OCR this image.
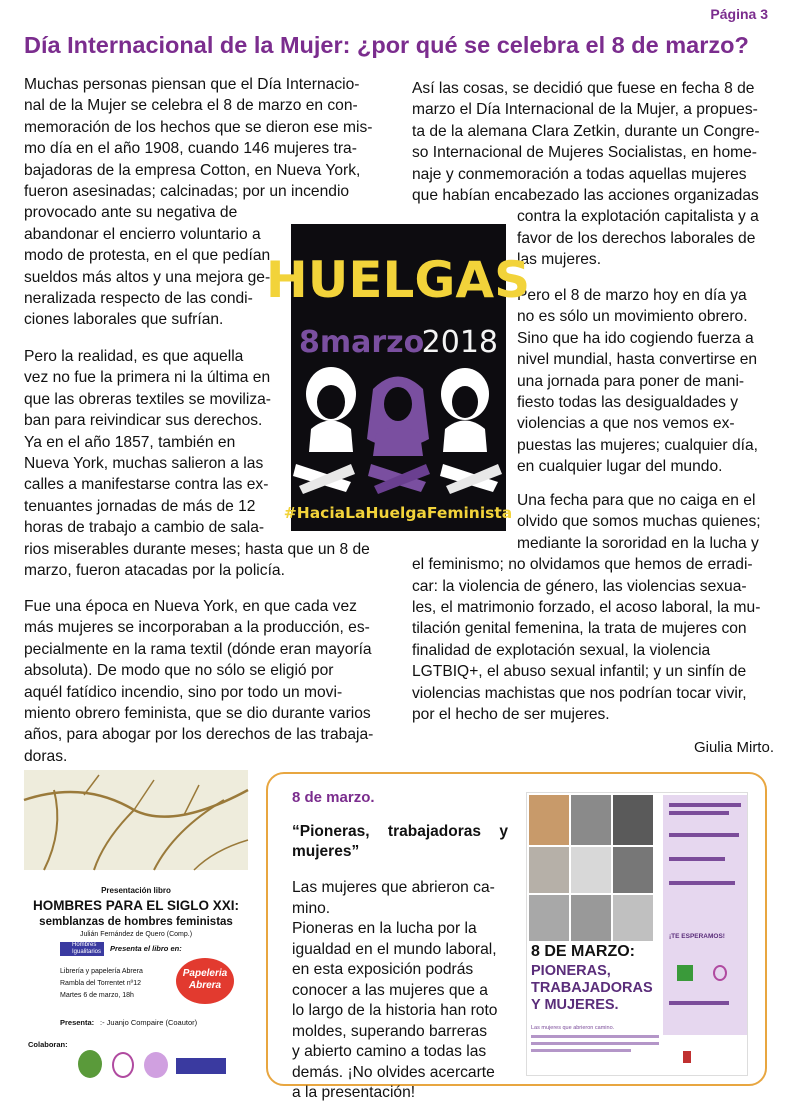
Página 3
Día Internacional de la Mujer: ¿por qué se celebra el 8 de marzo?
Muchas personas piensan que el Día Internacio-
nal de la Mujer se celebra el 8 de marzo en con-
memoración de los hechos que se dieron ese mis-
mo día en el año 1908, cuando 146 mujeres tra-
bajadoras de la empresa Cotton, en Nueva York,
fueron asesinadas; calcinadas; por un incendio
provocado ante su negativa de
abandonar el encierro voluntario a
modo de protesta, en el que pedían
sueldos más altos y una mejora ge-
neralizada respecto de las condi-
ciones laborales que sufrían.
Pero la realidad, es que aquella
vez no fue la primera ni la última en
que las obreras textiles se moviliza-
ban para reivindicar sus derechos.
Ya en el año 1857, también en
Nueva York, muchas salieron a las
calles a manifestarse contra las ex-
tenuantes jornadas de más de 12
horas de trabajo a cambio de sala-
rios miserables durante meses; hasta que un 8 de
marzo, fueron atacadas por la policía.
Fue una época en Nueva York, en que cada vez
más mujeres se incorporaban a la producción, es-
pecialmente en la rama textil (dónde eran mayoría
absoluta). De modo que no sólo se eligió por
aquél fatídico incendio, sino por todo un movi-
miento obrero feminista, que se dio durante varios
años, para abogar por los derechos de las trabaja-
doras.
Así las cosas, se decidió que fuese en fecha 8 de
marzo el Día Internacional de la Mujer, a propues-
ta de la alemana Clara Zetkin, durante un Congre-
so Internacional de Mujeres Socialistas, en home-
naje y conmemoración a todas aquellas mujeres
que habían encabezado las acciones organizadas
contra la explotación capitalista y a
favor de los derechos laborales de
las mujeres.
Pero el 8 de marzo hoy en día ya
no es sólo un movimiento obrero.
Sino que ha ido cogiendo fuerza a
nivel mundial, hasta convertirse en
una jornada para poner de mani-
fiesto todas las desigualdades y
violencias a que nos vemos ex-
puestas las mujeres; cualquier día,
en cualquier lugar del mundo.
Una fecha para que no caiga en el
olvido que somos muchas quienes;
mediante la sororidad en la lucha y
el feminismo; no olvidamos que hemos de erradi-
car: la violencia de género, las violencias sexua-
les, el matrimonio forzado, el acoso laboral, la mu-
tilación genital femenina, la trata de mujeres con
finalidad de explotación sexual, la violencia
LGTBIQ+, el abuso sexual infantil; y un sinfín de
violencias machistas que nos podrían tocar vivir,
por el hecho de ser mujeres.
Giulia Mirto.
HUELGAS
8marzo
2018
#HaciaLaHuelgaFeminista
Presentación libro
HOMBRES PARA EL SIGLO XXI:
semblanzas de hombres feministas
Julián Fernández de Quero (Comp.)
Hombres Igualitarios	Presenta el libro en:
Librería y papelería Abrera
Rambla del Torrentet nº12
Martes 6 de marzo, 18h
Papeleria
Abrera
Presenta: :- Juanjo Compaire (Coautor)
Colaboran:
8 de marzo.
“Pioneras, trabajadoras y mujeres”
Las mujeres que abrieron ca-
mino.
Pioneras en la lucha por la
igualdad en el mundo laboral,
en esta exposición podrás
conocer a las mujeres que a
lo largo de la historia han roto
moldes, superando barreras
y abierto camino a todas las
demás. ¡No olvides acercarte
a la presentación!
¡TE ESPERAMOS!
8 DE MARZO:
PIONERAS,
TRABAJADORAS
Y MUJERES.
Las mujeres que abrieron camino.
